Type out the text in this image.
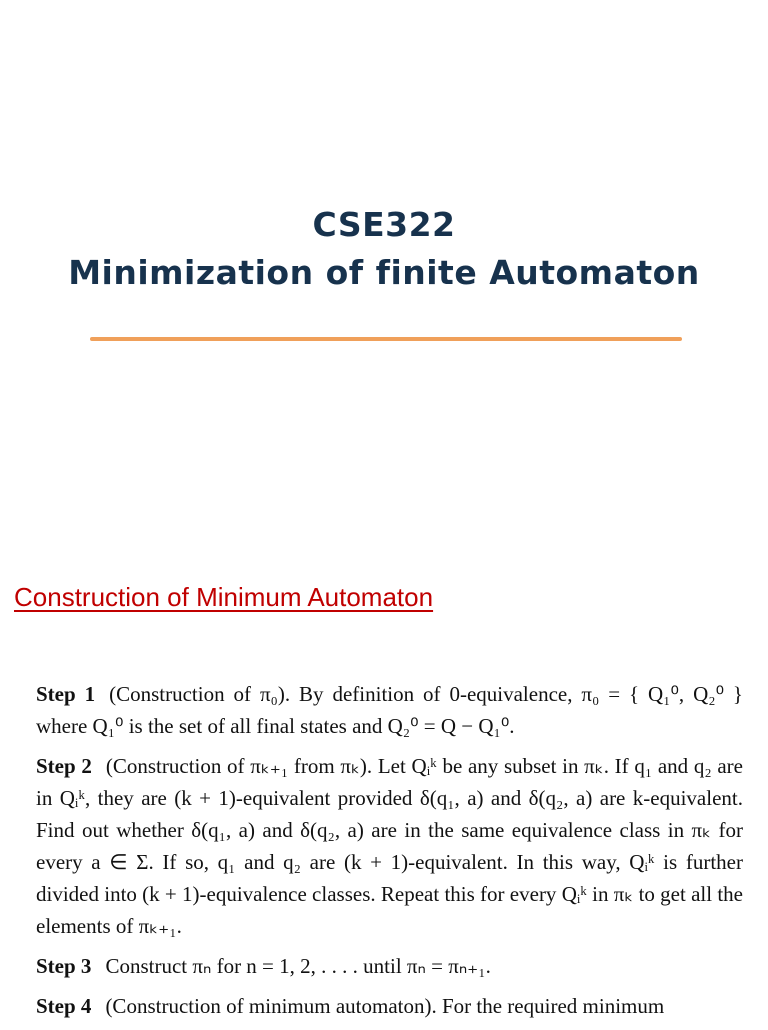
CSE322
Minimization of finite Automaton
Construction of Minimum Automaton

Step 1 (Construction of π₀). By definition of 0-equivalence, π₀ = { Q₁⁰, Q₂⁰ } where Q₁⁰ is the set of all final states and Q₂⁰ = Q − Q₁⁰.

Step 2 (Construction of πₖ₊₁ from πₖ). Let Qᵢᵏ be any subset in πₖ. If q₁ and q₂ are in Qᵢᵏ, they are (k + 1)-equivalent provided δ(q₁, a) and δ(q₂, a) are k-equivalent. Find out whether δ(q₁, a) and δ(q₂, a) are in the same equivalence class in πₖ for every a ∈ Σ. If so, q₁ and q₂ are (k + 1)-equivalent. In this way, Qᵢᵏ is further divided into (k + 1)-equivalence classes. Repeat this for every Qᵢᵏ in πₖ to get all the elements of πₖ₊₁.

Step 3 Construct πₙ for n = 1, 2, . . . . until πₙ = πₙ₊₁.

Step 4 (Construction of minimum automaton). For the required minimum
